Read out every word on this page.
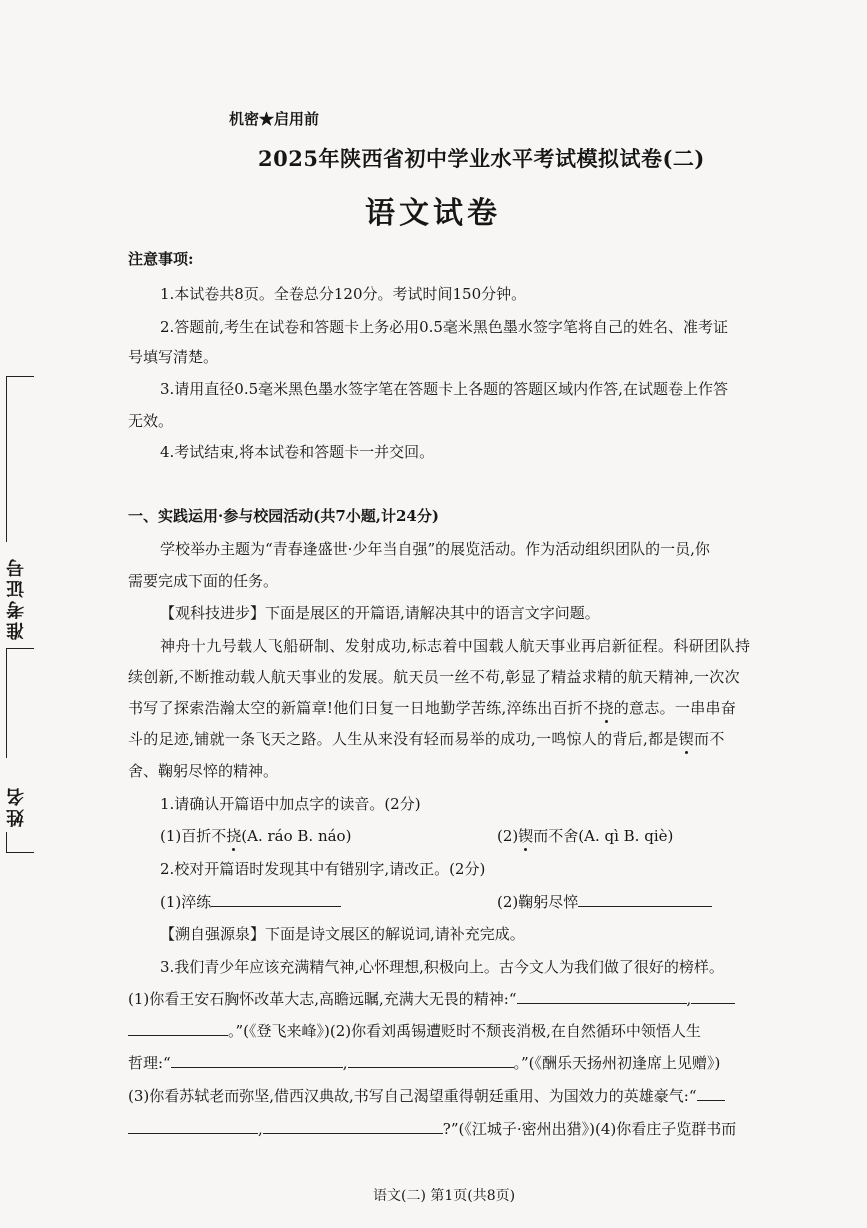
准考证号
姓名
机密★启用前
2025年陕西省初中学业水平考试模拟试卷(二)
语文试卷
注意事项:
1.本试卷共8页。全卷总分120分。考试时间150分钟。
2.答题前,考生在试卷和答题卡上务必用0.5毫米黑色墨水签字笔将自己的姓名、准考证
号填写清楚。
3.请用直径0.5毫米黑色墨水签字笔在答题卡上各题的答题区域内作答,在试题卷上作答
无效。
4.考试结束,将本试卷和答题卡一并交回。
一、实践运用·参与校园活动(共7小题,计24分)
学校举办主题为“青春逢盛世·少年当自强”的展览活动。作为活动组织团队的一员,你
需要完成下面的任务。
【观科技进步】下面是展区的开篇语,请解决其中的语言文字问题。
神舟十九号载人飞船研制、发射成功,标志着中国载人航天事业再启新征程。科研团队持
续创新,不断推动载人航天事业的发展。航天员一丝不苟,彰显了精益求精的航天精神,一次次
书写了探索浩瀚太空的新篇章!他们日复一日地勤学苦练,淬练出百折不挠的意志。一串串奋
斗的足迹,铺就一条飞天之路。人生从来没有轻而易举的成功,一鸣惊人的背后,都是锲而不
舍、鞠躬尽悴的精神。
1.请确认开篇语中加点字的读音。(2分)
(1)百折不挠(A. ráo B. náo)	(2)锲而不舍(A. qì B. qiè)
2.校对开篇语时发现其中有错别字,请改正。(2分)
(1)淬练	(2)鞠躬尽悴
【溯自强源泉】下面是诗文展区的解说词,请补充完成。
3.我们青少年应该充满精气神,心怀理想,积极向上。古今文人为我们做了很好的榜样。
(1)你看王安石胸怀改革大志,高瞻远瞩,充满大无畏的精神:“	,
。”(《登飞来峰》)(2)你看刘禹锡遭贬时不颓丧消极,在自然循环中领悟人生
哲理:“	,	。”(《酬乐天扬州初逢席上见赠》)
(3)你看苏轼老而弥坚,借西汉典故,书写自己渴望重得朝廷重用、为国效力的英雄豪气:“
,	?”(《江城子·密州出猎》)(4)你看庄子览群书而
语文(二) 第1页(共8页)
